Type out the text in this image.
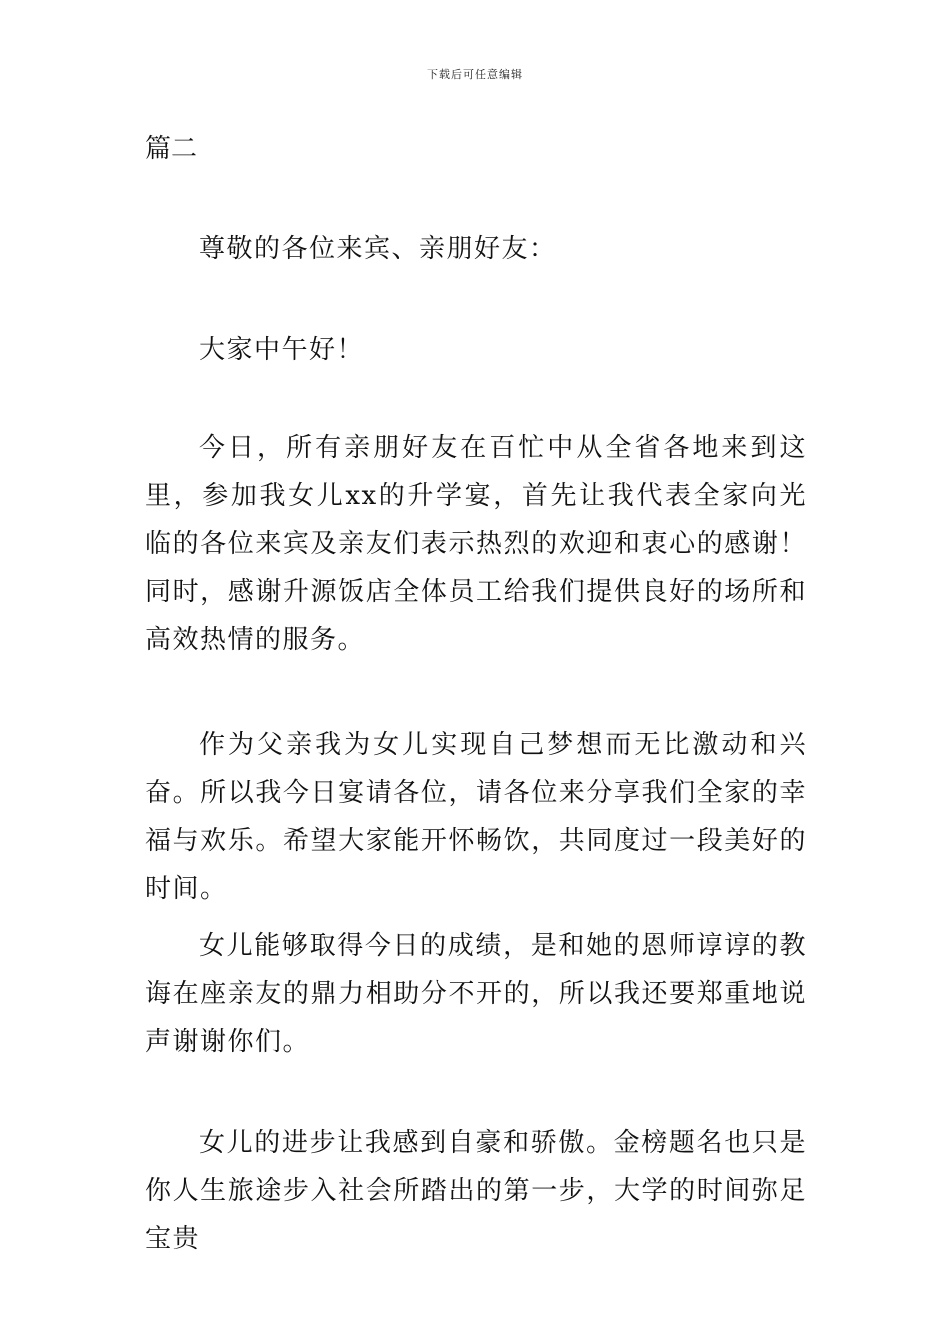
下载后可任意编辑
篇二
尊敬的各位来宾、亲朋好友：
大家中午好！
今日，所有亲朋好友在百忙中从全省各地来到这里，参加我女儿xx的升学宴，首先让我代表全家向光临的各位来宾及亲友们表示热烈的欢迎和衷心的感谢！同时，感谢升源饭店全体员工给我们提供良好的场所和高效热情的服务。
作为父亲我为女儿实现自己梦想而无比激动和兴奋。所以我今日宴请各位，请各位来分享我们全家的幸福与欢乐。希望大家能开怀畅饮，共同度过一段美好的时间。
女儿能够取得今日的成绩，是和她的恩师谆谆的教诲在座亲友的鼎力相助分不开的，所以我还要郑重地说声谢谢你们。
女儿的进步让我感到自豪和骄傲。金榜题名也只是你人生旅途步入社会所踏出的第一步，大学的时间弥足宝贵
